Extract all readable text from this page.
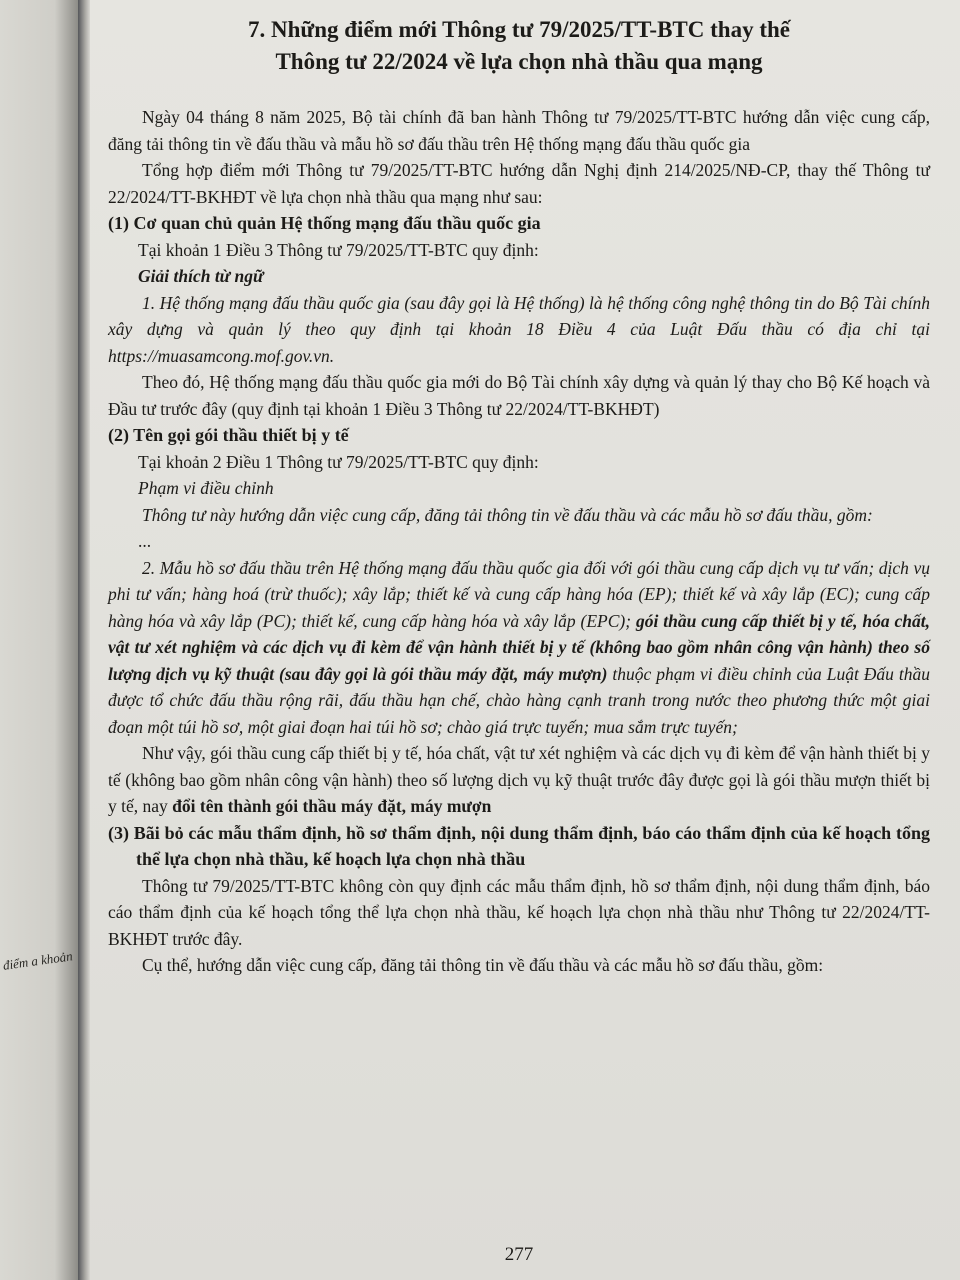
điểm a khoản
7. Những điểm mới Thông tư 79/2025/TT-BTC thay thế
Thông tư 22/2024 về lựa chọn nhà thầu qua mạng

Ngày 04 tháng 8 năm 2025, Bộ tài chính đã ban hành Thông tư 79/2025/TT-BTC hướng dẫn việc cung cấp, đăng tải thông tin về đấu thầu và mẫu hồ sơ đấu thầu trên Hệ thống mạng đấu thầu quốc gia

Tổng hợp điểm mới Thông tư 79/2025/TT-BTC hướng dẫn Nghị định 214/2025/NĐ-CP, thay thế Thông tư 22/2024/TT-BKHĐT về lựa chọn nhà thầu qua mạng như sau:

(1) Cơ quan chủ quản Hệ thống mạng đấu thầu quốc gia

Tại khoản 1 Điều 3 Thông tư 79/2025/TT-BTC quy định:

Giải thích từ ngữ

1. Hệ thống mạng đấu thầu quốc gia (sau đây gọi là Hệ thống) là hệ thống công nghệ thông tin do Bộ Tài chính xây dựng và quản lý theo quy định tại khoản 18 Điều 4 của Luật Đấu thầu có địa chỉ tại https://muasamcong.mof.gov.vn.

Theo đó, Hệ thống mạng đấu thầu quốc gia mới do Bộ Tài chính xây dựng và quản lý thay cho Bộ Kế hoạch và Đầu tư trước đây (quy định tại khoản 1 Điều 3 Thông tư 22/2024/TT-BKHĐT)

(2) Tên gọi gói thầu thiết bị y tế

Tại khoản 2 Điều 1 Thông tư 79/2025/TT-BTC quy định:

Phạm vi điều chỉnh

Thông tư này hướng dẫn việc cung cấp, đăng tải thông tin về đấu thầu và các mẫu hồ sơ đấu thầu, gồm:

...

2. Mẫu hồ sơ đấu thầu trên Hệ thống mạng đấu thầu quốc gia đối với gói thầu cung cấp dịch vụ tư vấn; dịch vụ phi tư vấn; hàng hoá (trừ thuốc); xây lắp; thiết kế và cung cấp hàng hóa (EP); thiết kế và xây lắp (EC); cung cấp hàng hóa và xây lắp (PC); thiết kế, cung cấp hàng hóa và xây lắp (EPC); gói thầu cung cấp thiết bị y tế, hóa chất, vật tư xét nghiệm và các dịch vụ đi kèm để vận hành thiết bị y tế (không bao gồm nhân công vận hành) theo số lượng dịch vụ kỹ thuật (sau đây gọi là gói thầu máy đặt, máy mượn) thuộc phạm vi điều chỉnh của Luật Đấu thầu được tổ chức đấu thầu rộng rãi, đấu thầu hạn chế, chào hàng cạnh tranh trong nước theo phương thức một giai đoạn một túi hồ sơ, một giai đoạn hai túi hồ sơ; chào giá trực tuyến; mua sắm trực tuyến;

Như vậy, gói thầu cung cấp thiết bị y tế, hóa chất, vật tư xét nghiệm và các dịch vụ đi kèm để vận hành thiết bị y tế (không bao gồm nhân công vận hành) theo số lượng dịch vụ kỹ thuật trước đây được gọi là gói thầu mượn thiết bị y tế, nay đổi tên thành gói thầu máy đặt, máy mượn

(3) Bãi bỏ các mẫu thẩm định, hồ sơ thẩm định, nội dung thẩm định, báo cáo thẩm định của kế hoạch tổng thể lựa chọn nhà thầu, kế hoạch lựa chọn nhà thầu

Thông tư 79/2025/TT-BTC không còn quy định các mẫu thẩm định, hồ sơ thẩm định, nội dung thẩm định, báo cáo thẩm định của kế hoạch tổng thể lựa chọn nhà thầu, kế hoạch lựa chọn nhà thầu như Thông tư 22/2024/TT-BKHĐT trước đây.

Cụ thể, hướng dẫn việc cung cấp, đăng tải thông tin về đấu thầu và các mẫu hồ sơ đấu thầu, gồm:

277
